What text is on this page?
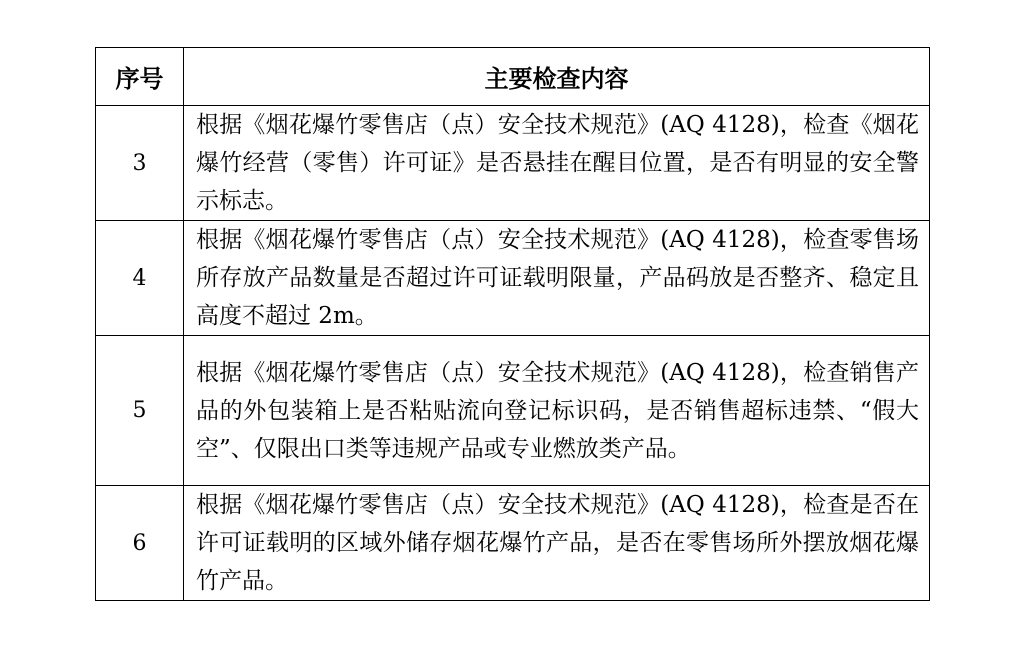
序号	主要检查内容
3	根据《烟花爆竹零售店（点）安全技术规范》(AQ 4128)，检查《烟花爆竹经营（零售）许可证》是否悬挂在醒目位置，是否有明显的安全警示标志。
4	根据《烟花爆竹零售店（点）安全技术规范》(AQ 4128)，检查零售场所存放产品数量是否超过许可证载明限量，产品码放是否整齐、稳定且高度不超过 2m。
5	根据《烟花爆竹零售店（点）安全技术规范》(AQ 4128)，检查销售产品的外包装箱上是否粘贴流向登记标识码，是否销售超标违禁、“假大空”、仅限出口类等违规产品或专业燃放类产品。
6	根据《烟花爆竹零售店（点）安全技术规范》(AQ 4128)，检查是否在许可证载明的区域外储存烟花爆竹产品，是否在零售场所外摆放烟花爆竹产品。
